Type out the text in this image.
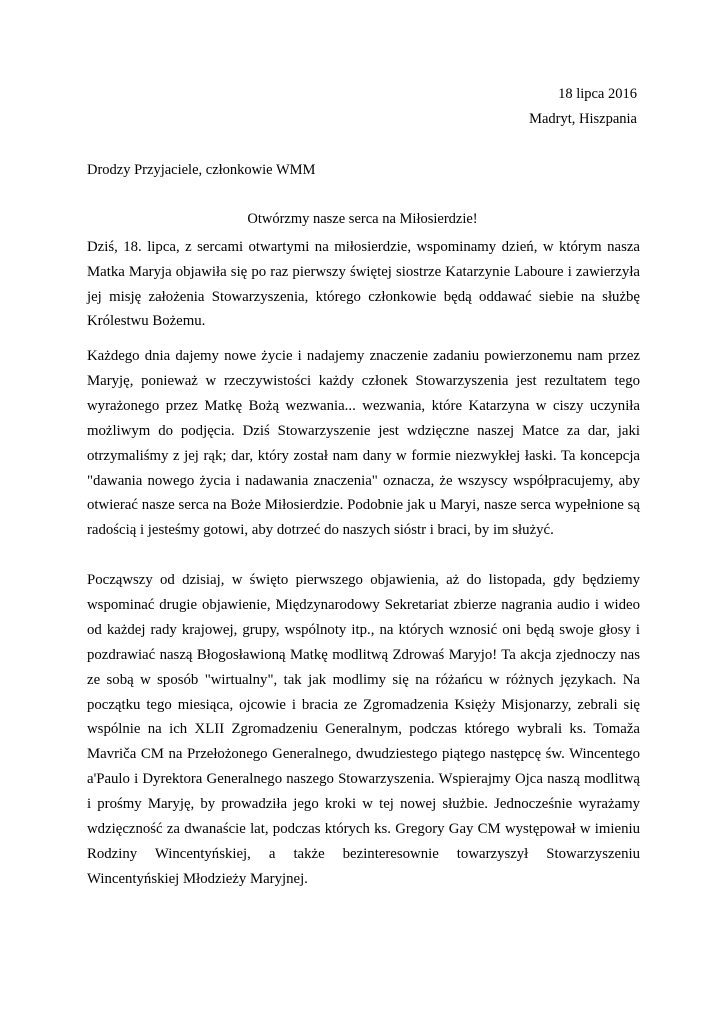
18 lipca 2016
Madryt, Hiszpania
Drodzy Przyjaciele, członkowie WMM
Otwórzmy nasze serca na Miłosierdzie!

Dziś, 18. lipca, z sercami otwartymi na miłosierdzie, wspominamy dzień, w którym nasza Matka Maryja objawiła się po raz pierwszy świętej siostrze Katarzynie Laboure i zawierzyła jej misję założenia Stowarzyszenia, którego członkowie będą oddawać siebie na służbę Królestwu Bożemu.

Każdego dnia dajemy nowe życie i nadajemy znaczenie zadaniu powierzonemu nam przez Maryję, ponieważ w rzeczywistości każdy członek Stowarzyszenia jest rezultatem tego wyrażonego przez Matkę Bożą wezwania... wezwania, które Katarzyna w ciszy uczyniła możliwym do podjęcia. Dziś Stowarzyszenie jest wdzięczne naszej Matce za dar, jaki otrzymaliśmy z jej rąk; dar, który został nam dany w formie niezwykłej łaski. Ta koncepcja "dawania nowego życia i nadawania znaczenia" oznacza, że wszyscy współpracujemy, aby otwierać nasze serca na Boże Miłosierdzie. Podobnie jak u Maryi, nasze serca wypełnione są radością i jesteśmy gotowi, aby dotrzeć do naszych sióstr i braci, by im służyć.

Począwszy od dzisiaj, w święto pierwszego objawienia, aż do listopada, gdy będziemy wspominać drugie objawienie, Międzynarodowy Sekretariat zbierze nagrania audio i wideo od każdej rady krajowej, grupy, wspólnoty itp., na których wznosić oni będą swoje głosy i pozdrawiać naszą Błogosławioną Matkę modlitwą Zdrowaś Maryjo! Ta akcja zjednoczy nas ze sobą w sposób "wirtualny", tak jak modlimy się na różańcu w różnych językach. Na początku tego miesiąca, ojcowie i bracia ze Zgromadzenia Księży Misjonarzy, zebrali się wspólnie na ich XLII Zgromadzeniu Generalnym, podczas którego wybrali ks. Tomaža Mavriča CM na Przełożonego Generalnego, dwudziestego piątego następcę św. Wincentego a'Paulo i Dyrektora Generalnego naszego Stowarzyszenia. Wspierajmy Ojca naszą modlitwą i prośmy Maryję, by prowadziła jego kroki w tej nowej służbie. Jednocześnie wyrażamy wdzięczność za dwanaście lat, podczas których ks. Gregory Gay CM występował w imieniu Rodziny Wincentyńskiej, a także bezinteresownie towarzyszył Stowarzyszeniu Wincentyńskiej Młodzieży Maryjnej.
